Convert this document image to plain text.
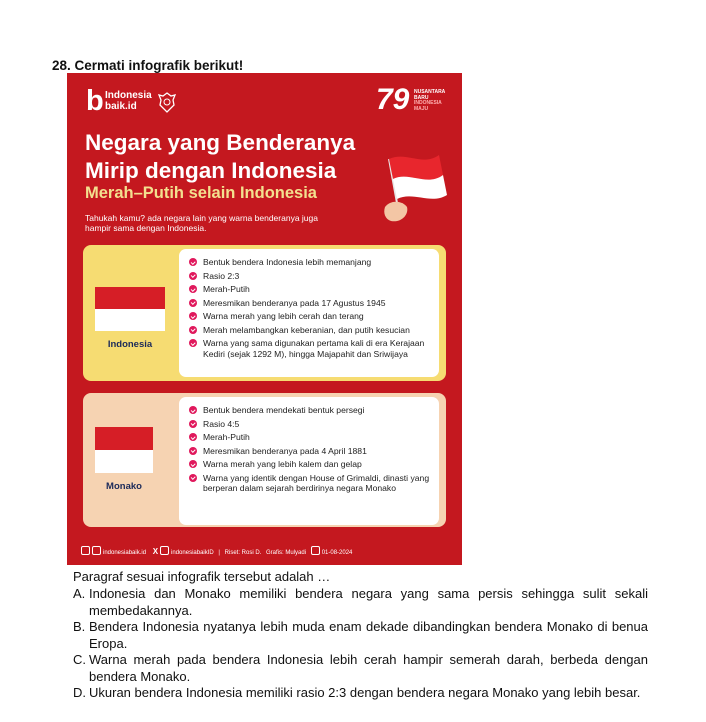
28. Cermati infografik berikut!
b Indonesia
baik.id	79 NUSANTARA
BARU
INDONESIA
MAJU
Negara yang Benderanya
Mirip dengan Indonesia
Merah–Putih selain Indonesia
Tahukah kamu? ada negara lain yang warna benderanya juga hampir sama dengan Indonesia.
Indonesia
Bentuk bendera Indonesia lebih memanjang
Rasio 2:3
Merah-Putih
Meresmikan benderanya pada 17 Agustus 1945
Warna merah yang lebih cerah dan terang
Merah melambangkan keberanian, dan putih kesucian
Warna yang sama digunakan pertama kali di era Kerajaan Kediri (sejak 1292 M), hingga Majapahit dan Sriwijaya
Monako
Bentuk bendera mendekati bentuk persegi
Rasio 4:5
Merah-Putih
Meresmikan benderanya pada 4 April 1881
Warna merah yang lebih kalem dan gelap
Warna yang identik dengan House of Grimaldi, dinasti yang berperan dalam sejarah berdirinya negara Monako
indonesiabaik.id X indonesiabaikID | Riset: Rosi D. Grafis: Mulyadi	01-08-2024
Paragraf sesuai infografik tersebut adalah …
A. Indonesia dan Monako memiliki bendera negara yang sama persis sehingga sulit sekali membedakannya.
B. Bendera Indonesia nyatanya lebih muda enam dekade dibandingkan bendera Monako di benua Eropa.
C. Warna merah pada bendera Indonesia lebih cerah hampir semerah darah, berbeda dengan bendera Monako.
D. Ukuran bendera Indonesia memiliki rasio 2:3 dengan bendera negara Monako yang lebih besar.
